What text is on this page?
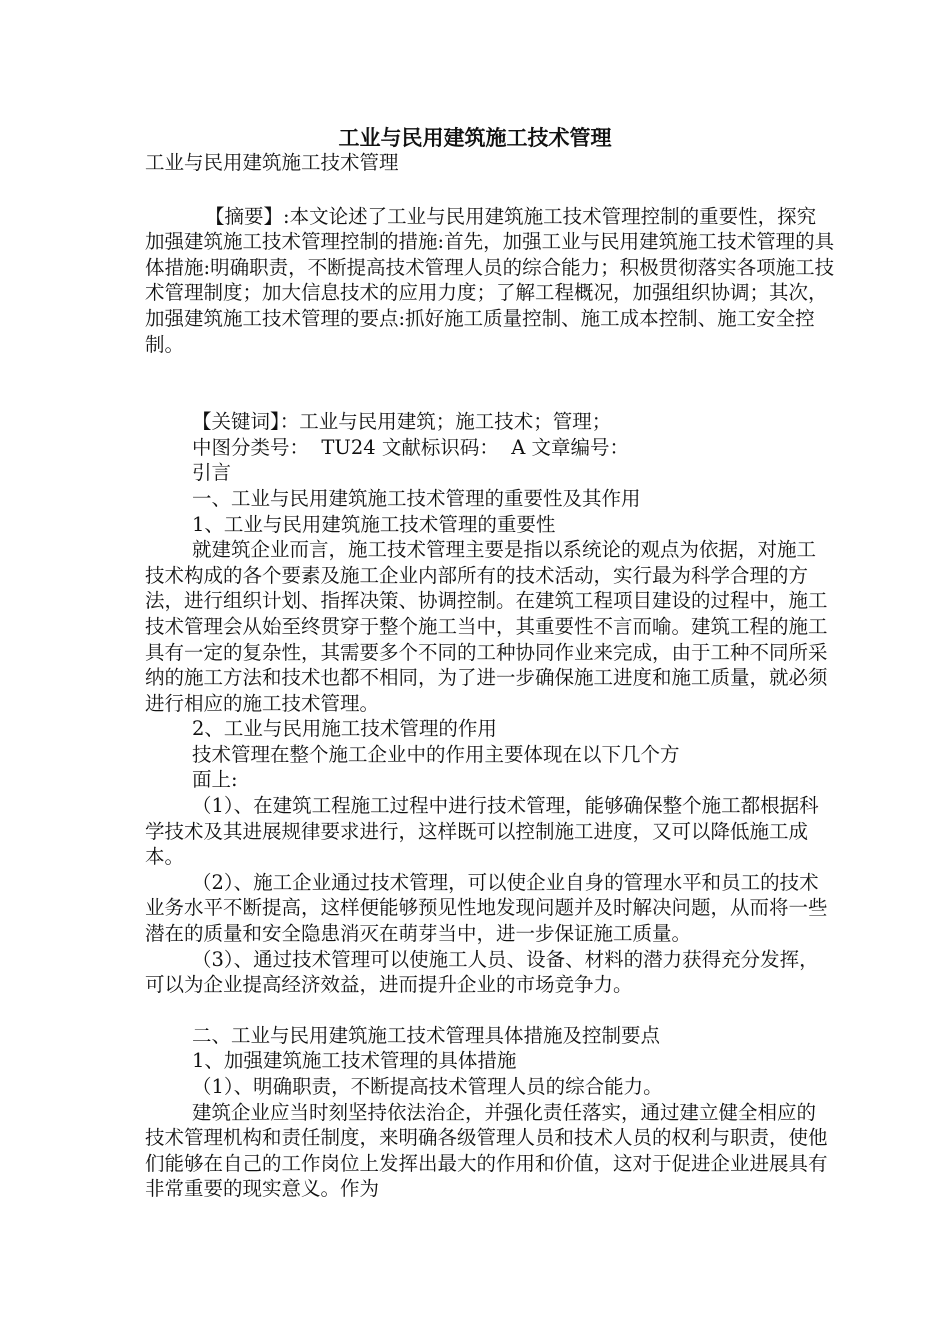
工业与民用建筑施工技术管理

工业与民用建筑施工技术管理

【摘要】:本文论述了工业与民用建筑施工技术管理控制的重要性，探究加强建筑施工技术管理控制的措施:首先，加强工业与民用建筑施工技术管理的具体措施:明确职责，不断提高技术管理人员的综合能力；积极贯彻落实各项施工技术管理制度；加大信息技术的应用力度；了解工程概况，加强组织协调；其次，加强建筑施工技术管理的要点:抓好施工质量控制、施工成本控制、施工安全控制。

【关键词】：工业与民用建筑；施工技术；管理；

中图分类号：  TU24 文献标识码：  A 文章编号：

引言

一、工业与民用建筑施工技术管理的重要性及其作用

1、工业与民用建筑施工技术管理的重要性

就建筑企业而言，施工技术管理主要是指以系统论的观点为依据，对施工技术构成的各个要素及施工企业内部所有的技术活动，实行最为科学合理的方法，进行组织计划、指挥决策、协调控制。在建筑工程项目建设的过程中，施工技术管理会从始至终贯穿于整个施工当中，其重要性不言而喻。建筑工程的施工具有一定的复杂性，其需要多个不同的工种协同作业来完成，由于工种不同所采纳的施工方法和技术也都不相同，为了进一步确保施工进度和施工质量，就必须进行相应的施工技术管理。

2、工业与民用施工技术管理的作用

技术管理在整个施工企业中的作用主要体现在以下几个方

面上:

（1）、在建筑工程施工过程中进行技术管理，能够确保整个施工都根据科学技术及其进展规律要求进行，这样既可以控制施工进度，又可以降低施工成本。

（2）、施工企业通过技术管理，可以使企业自身的管理水平和员工的技术业务水平不断提高，这样便能够预见性地发现问题并及时解决问题，从而将一些潜在的质量和安全隐患消灭在萌芽当中，进一步保证施工质量。

（3）、通过技术管理可以使施工人员、设备、材料的潜力获得充分发挥，可以为企业提高经济效益，进而提升企业的市场竞争力。

二、工业与民用建筑施工技术管理具体措施及控制要点

1、加强建筑施工技术管理的具体措施

（1）、明确职责，不断提高技术管理人员的综合能力。

建筑企业应当时刻坚持依法治企，并强化责任落实，通过建立健全相应的技术管理机构和责任制度，来明确各级管理人员和技术人员的权利与职责，使他们能够在自己的工作岗位上发挥出最大的作用和价值，这对于促进企业进展具有非常重要的现实意义。作为
